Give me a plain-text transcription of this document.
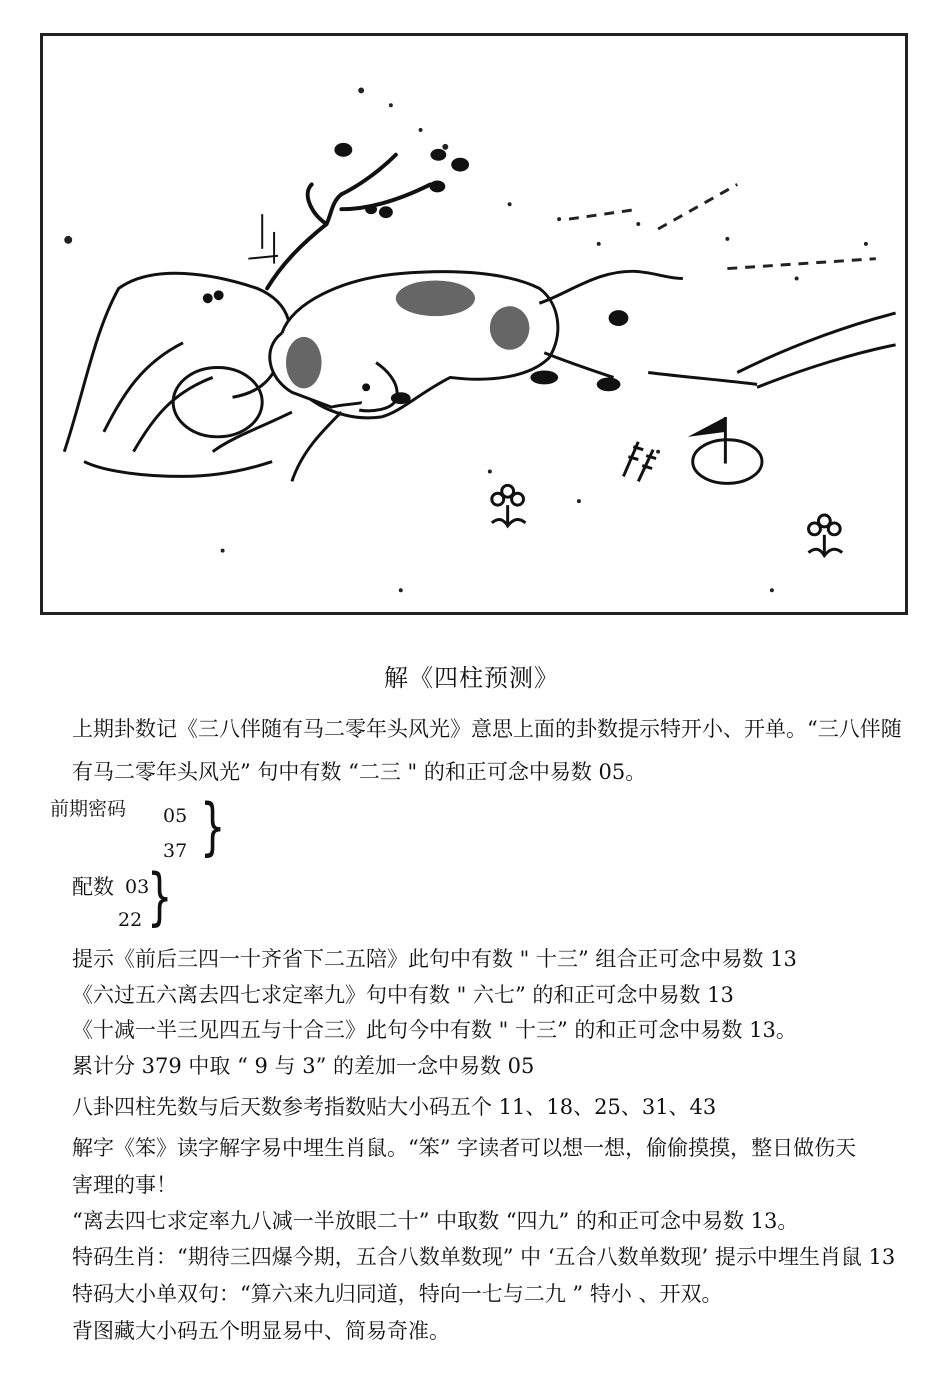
解《四柱预测》
上期卦数记《三八伴随有马二零年头风光》意思上面的卦数提示特开小、开单。“三八伴随
有马二零年头风光” 句中有数 “二三 " 的和正可念中易数 05。
前期密码 05
37 }
配数 03
22 }
提示《前后三四一十齐省下二五陪》此句中有数 " 十三” 组合正可念中易数 13
《六过五六离去四七求定率九》句中有数 " 六七” 的和正可念中易数 13
《十减一半三见四五与十合三》此句今中有数 " 十三” 的和正可念中易数 13。
累计分 379 中取 “ 9 与 3” 的差加一念中易数 05
八卦四柱先数与后天数参考指数贴大小码五个 11、18、25、31、43
解字《笨》读字解字易中埋生肖鼠。“笨” 字读者可以想一想，偷偷摸摸，整日做伤天
害理的事！
“离去四七求定率九八减一半放眼二十” 中取数 “四九” 的和正可念中易数 13。
特码生肖：“期待三四爆今期，五合八数单数现” 中 ‘五合八数单数现’ 提示中埋生肖鼠 13
特码大小单双句：“算六来九归同道，特向一七与二九 ” 特小 、开双。
背图藏大小码五个明显易中、简易奇准。
